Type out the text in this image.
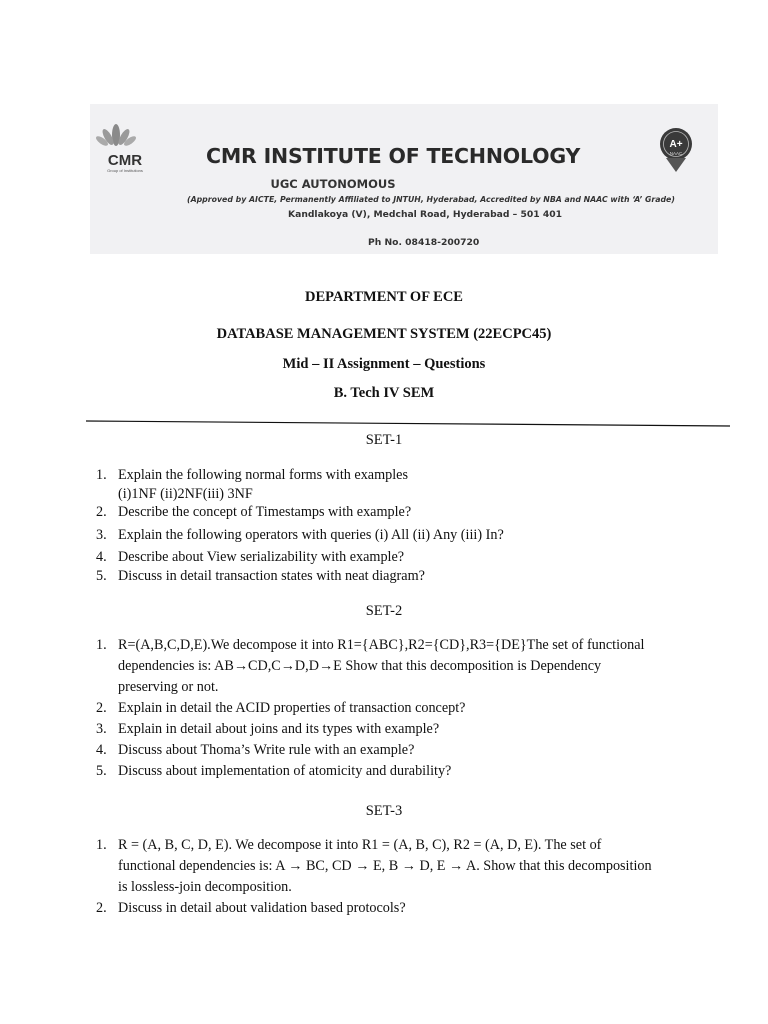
CMR
Group of Institutions
CMR INSTITUTE OF TECHNOLOGY
UGC AUTONOMOUS
(Approved by AICTE, Permanently Affiliated to JNTUH, Hyderabad, Accredited by NBA and NAAC with ‘A’ Grade)
Kandlakoya (V), Medchal Road, Hyderabad – 501 401
Ph No. 08418-200720
A+
NAAC
DEPARTMENT OF ECE
DATABASE MANAGEMENT SYSTEM (22ECPC45)
Mid – II Assignment – Questions
B. Tech IV SEM
SET-1
1. Explain the following normal forms with examples
(i)1NF (ii)2NF(iii) 3NF
2. Describe the concept of Timestamps with example?
3. Explain the following operators with queries (i) All (ii) Any (iii) In?
4. Describe about View serializability with example?
5. Discuss in detail transaction states with neat diagram?
SET-2
1. R=(A,B,C,D,E).We decompose it into R1={ABC},R2={CD},R3={DE}The set of functional dependencies is: AB→CD,C→D,D→E Show that this decomposition is Dependency preserving or not.
2. Explain in detail the ACID properties of transaction concept?
3. Explain in detail about joins and its types with example?
4. Discuss about Thoma’s Write rule with an example?
5. Discuss about implementation of atomicity and durability?
SET-3
1. R = (A, B, C, D, E). We decompose it into R1 = (A, B, C), R2 = (A, D, E). The set of functional dependencies is: A → BC, CD → E, B → D, E → A. Show that this decomposition is lossless-join decomposition.
2. Discuss in detail about validation based protocols?
